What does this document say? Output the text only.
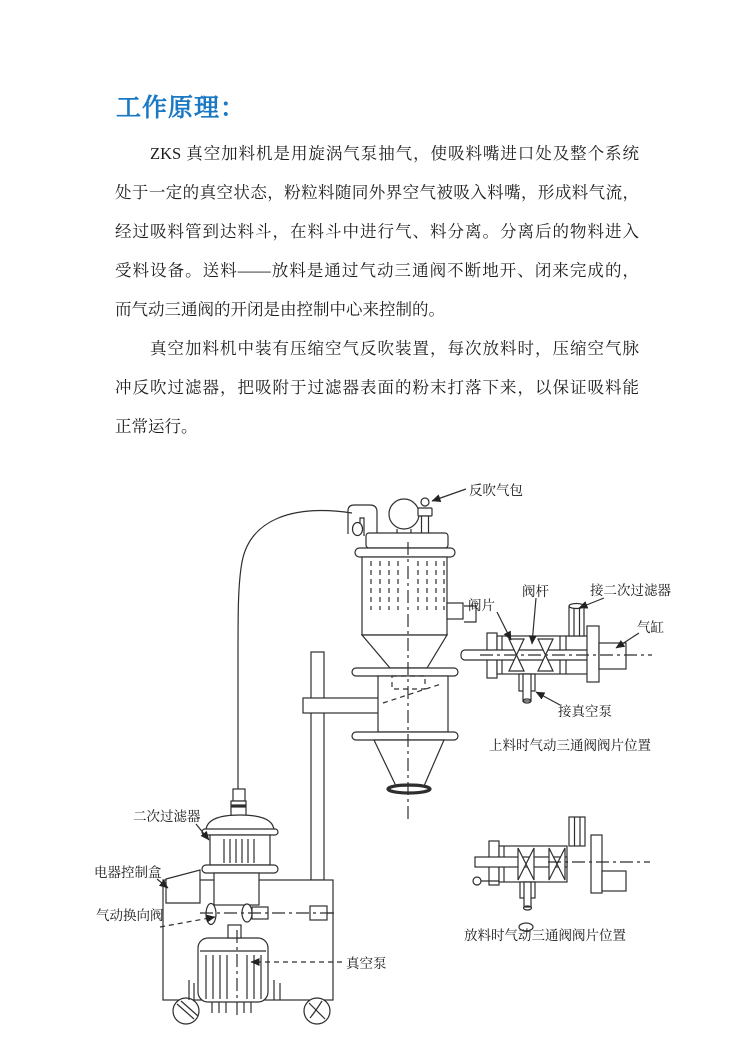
工作原理：
ZKS 真空加料机是用旋涡气泵抽气，使吸料嘴进口处及整个系统
处于一定的真空状态，粉粒料随同外界空气被吸入料嘴，形成料气流，
经过吸料管到达料斗，在料斗中进行气、料分离。分离后的物料进入
受料设备。送料——放料是通过气动三通阀不断地开、闭来完成的，
而气动三通阀的开闭是由控制中心来控制的。
真空加料机中装有压缩空气反吹装置，每次放料时，压缩空气脉
冲反吹过滤器，把吸附于过滤器表面的粉末打落下来，以保证吸料能
正常运行。
反吹气包
阀片
阀杆	接二次过滤器
气缸
接真空泵
上料时气动三通阀阀片位置
二次过滤器
电器控制盒
气动换向阀
真空泵
放料时气动三通阀阀片位置
